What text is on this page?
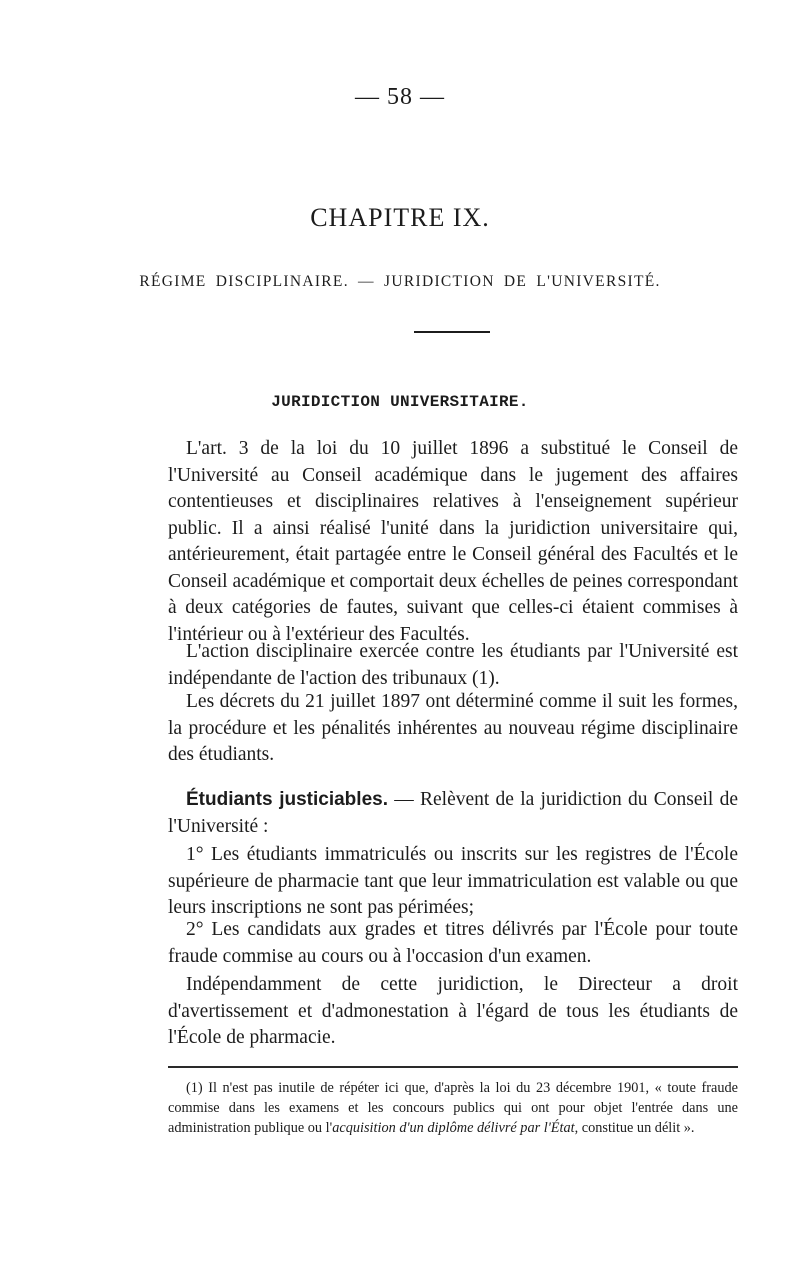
— 58 —
CHAPITRE IX.
RÉGIME DISCIPLINAIRE. — JURIDICTION DE L'UNIVERSITÉ.
JURIDICTION UNIVERSITAIRE.

L'art. 3 de la loi du 10 juillet 1896 a substitué le Conseil de l'Université au Conseil académique dans le jugement des affaires contentieuses et disciplinaires relatives à l'enseignement supérieur public. Il a ainsi réalisé l'unité dans la juridiction universitaire qui, antérieurement, était partagée entre le Conseil général des Facultés et le Conseil académique et comportait deux échelles de peines correspondant à deux catégories de fautes, suivant que celles-ci étaient commises à l'intérieur ou à l'extérieur des Facultés.

L'action disciplinaire exercée contre les étudiants par l'Université est indépendante de l'action des tribunaux (1).

Les décrets du 21 juillet 1897 ont déterminé comme il suit les formes, la procédure et les pénalités inhérentes au nouveau régime disciplinaire des étudiants.

Étudiants justiciables. — Relèvent de la juridiction du Conseil de l'Université :

1° Les étudiants immatriculés ou inscrits sur les registres de l'École supérieure de pharmacie tant que leur immatriculation est valable ou que leurs inscriptions ne sont pas périmées;

2° Les candidats aux grades et titres délivrés par l'École pour toute fraude commise au cours ou à l'occasion d'un examen.

Indépendamment de cette juridiction, le Directeur a droit d'avertissement et d'admonestation à l'égard de tous les étudiants de l'École de pharmacie.

(1) Il n'est pas inutile de répéter ici que, d'après la loi du 23 décembre 1901, « toute fraude commise dans les examens et les concours publics qui ont pour objet l'entrée dans une administration publique ou l'acquisition d'un diplôme délivré par l'État, constitue un délit ».
